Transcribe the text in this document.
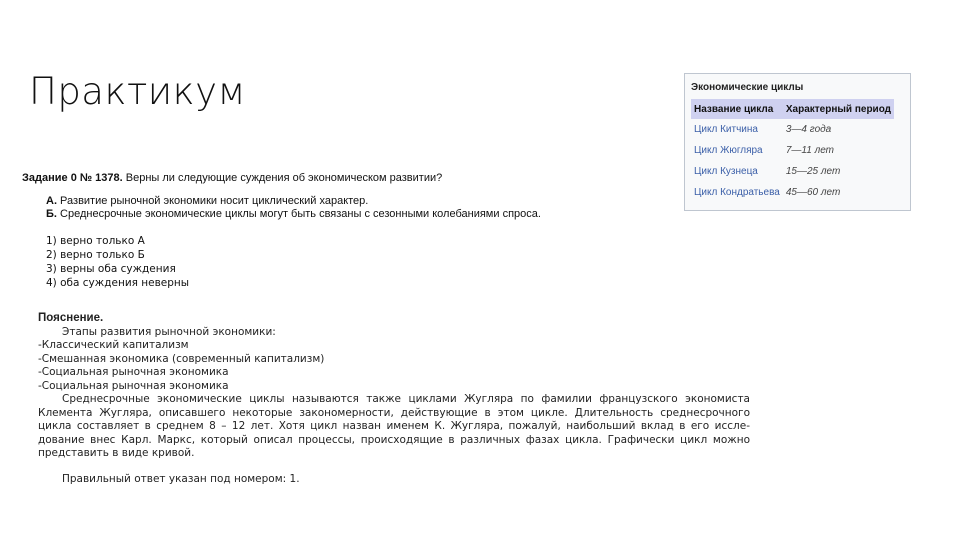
Практикум	Экономические циклы
Название цикла	Характерный период
Цикл Китчина	3—4 года
Цикл Жюгляра	7—11 лет
Цикл Кузнеца	15—25 лет
Цикл Кондратьева	45—60 лет
Задание 0 № 1378. Верны ли следующие суждения об экономическом развитии?
А. Развитие рыночной экономики носит циклический характер.
Б. Среднесрочные экономические циклы могут быть связаны с сезонными колебаниями спроса.
1) верно только А
2) верно только Б
3) верны оба суждения
4) оба суждения неверны
Пояснение.
Этапы развития рыночной экономики:
-Классический капитализм
-Смешанная экономика (современный капитализм)
-Социальная рыночная экономика
-Социальная рыночная экономика
Среднесрочные экономические циклы называются также циклами Жугляра по фамилии французского экономиста Клемента Жугляра, описавшего некоторые закономерности, действующие в этом цикле. Длительность среднесрочного цикла составляет в среднем 8 – 12 лет. Хотя цикл назван именем К. Жугляра, пожалуй, наибольший вклад в его исследование внес Карл. Маркс, который описал процессы, происходящие в различных фазах цикла. Графически цикл можно представить в виде кривой.
Правильный ответ указан под номером: 1.
